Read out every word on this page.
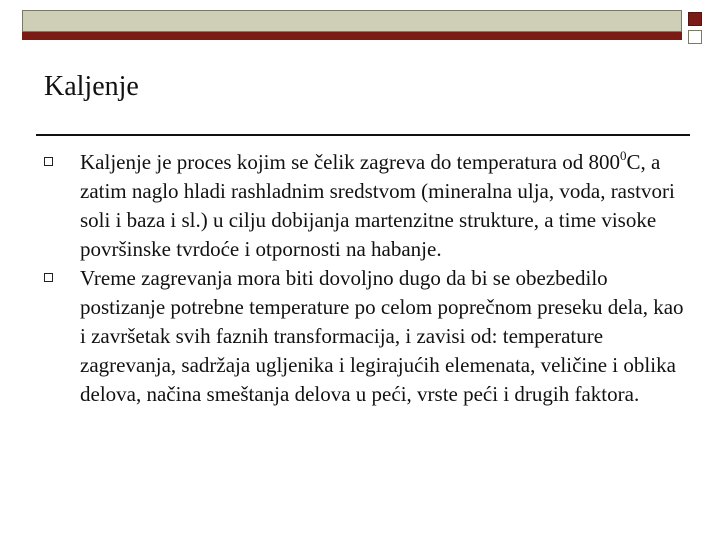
Kaljenje
Kaljenje je proces kojim se čelik zagreva do temperatura od $800^0C$, a zatim naglo hladi rashladnim sredstvom (mineralna ulja, voda, rastvori soli i baza i sl.) u cilju dobijanja martenzitne strukture, a time visoke površinske tvrdoće i otpornosti na habanje.
Vreme zagrevanja mora biti dovoljno dugo da bi se obezbedilo postizanje potrebne temperature po celom poprečnom preseku dela, kao i završetak svih faznih transformacija, i zavisi od: temperature zagrevanja, sadržaja ugljenika i legirajućih elemenata, veličine i oblika delova, načina smeštanja delova u peći, vrste peći i drugih faktora.
